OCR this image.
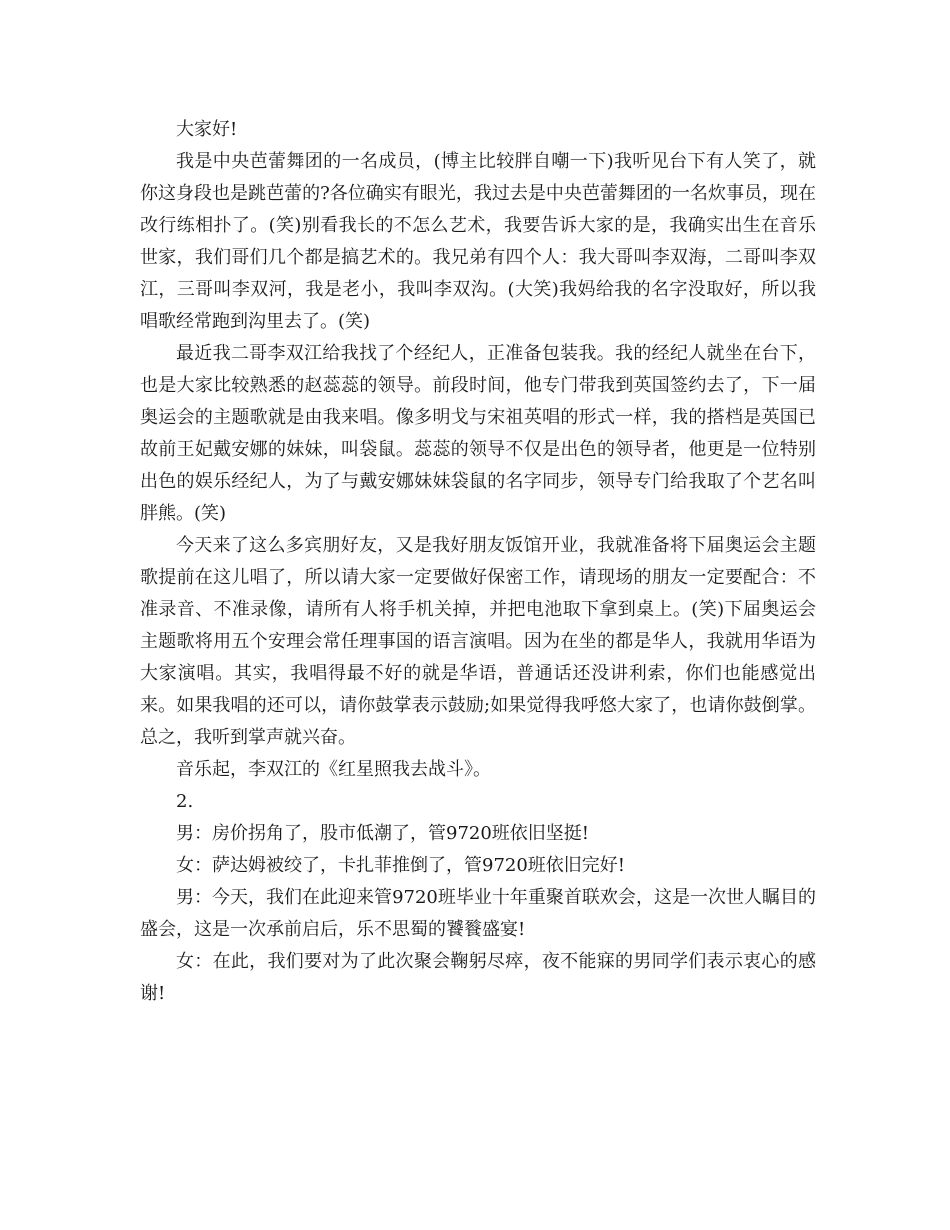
大家好!

我是中央芭蕾舞团的一名成员，(博主比较胖自嘲一下)我听见台下有人笑了，就你这身段也是跳芭蕾的?各位确实有眼光，我过去是中央芭蕾舞团的一名炊事员，现在改行练相扑了。(笑)别看我长的不怎么艺术，我要告诉大家的是，我确实出生在音乐世家，我们哥们几个都是搞艺术的。我兄弟有四个人：我大哥叫李双海，二哥叫李双江，三哥叫李双河，我是老小，我叫李双沟。(大笑)我妈给我的名字没取好，所以我唱歌经常跑到沟里去了。(笑)

最近我二哥李双江给我找了个经纪人，正准备包装我。我的经纪人就坐在台下，也是大家比较熟悉的赵蕊蕊的领导。前段时间，他专门带我到英国签约去了，下一届奥运会的主题歌就是由我来唱。像多明戈与宋祖英唱的形式一样，我的搭档是英国已故前王妃戴安娜的妹妹，叫袋鼠。蕊蕊的领导不仅是出色的领导者，他更是一位特别出色的娱乐经纪人，为了与戴安娜妹妹袋鼠的名字同步，领导专门给我取了个艺名叫胖熊。(笑)

今天来了这么多宾朋好友，又是我好朋友饭馆开业，我就准备将下届奥运会主题歌提前在这儿唱了，所以请大家一定要做好保密工作，请现场的朋友一定要配合：不准录音、不准录像，请所有人将手机关掉，并把电池取下拿到桌上。(笑)下届奥运会主题歌将用五个安理会常任理事国的语言演唱。因为在坐的都是华人，我就用华语为大家演唱。其实，我唱得最不好的就是华语，普通话还没讲利索，你们也能感觉出来。如果我唱的还可以，请你鼓掌表示鼓励;如果觉得我呼悠大家了，也请你鼓倒掌。总之，我听到掌声就兴奋。

音乐起，李双江的《红星照我去战斗》。

2.

男：房价拐角了，股市低潮了，管9720班依旧坚挺!

女：萨达姆被绞了，卡扎菲推倒了，管9720班依旧完好!

男：今天，我们在此迎来管9720班毕业十年重聚首联欢会，这是一次世人瞩目的盛会，这是一次承前启后，乐不思蜀的饕餮盛宴!

女：在此，我们要对为了此次聚会鞠躬尽瘁，夜不能寐的男同学们表示衷心的感谢!
